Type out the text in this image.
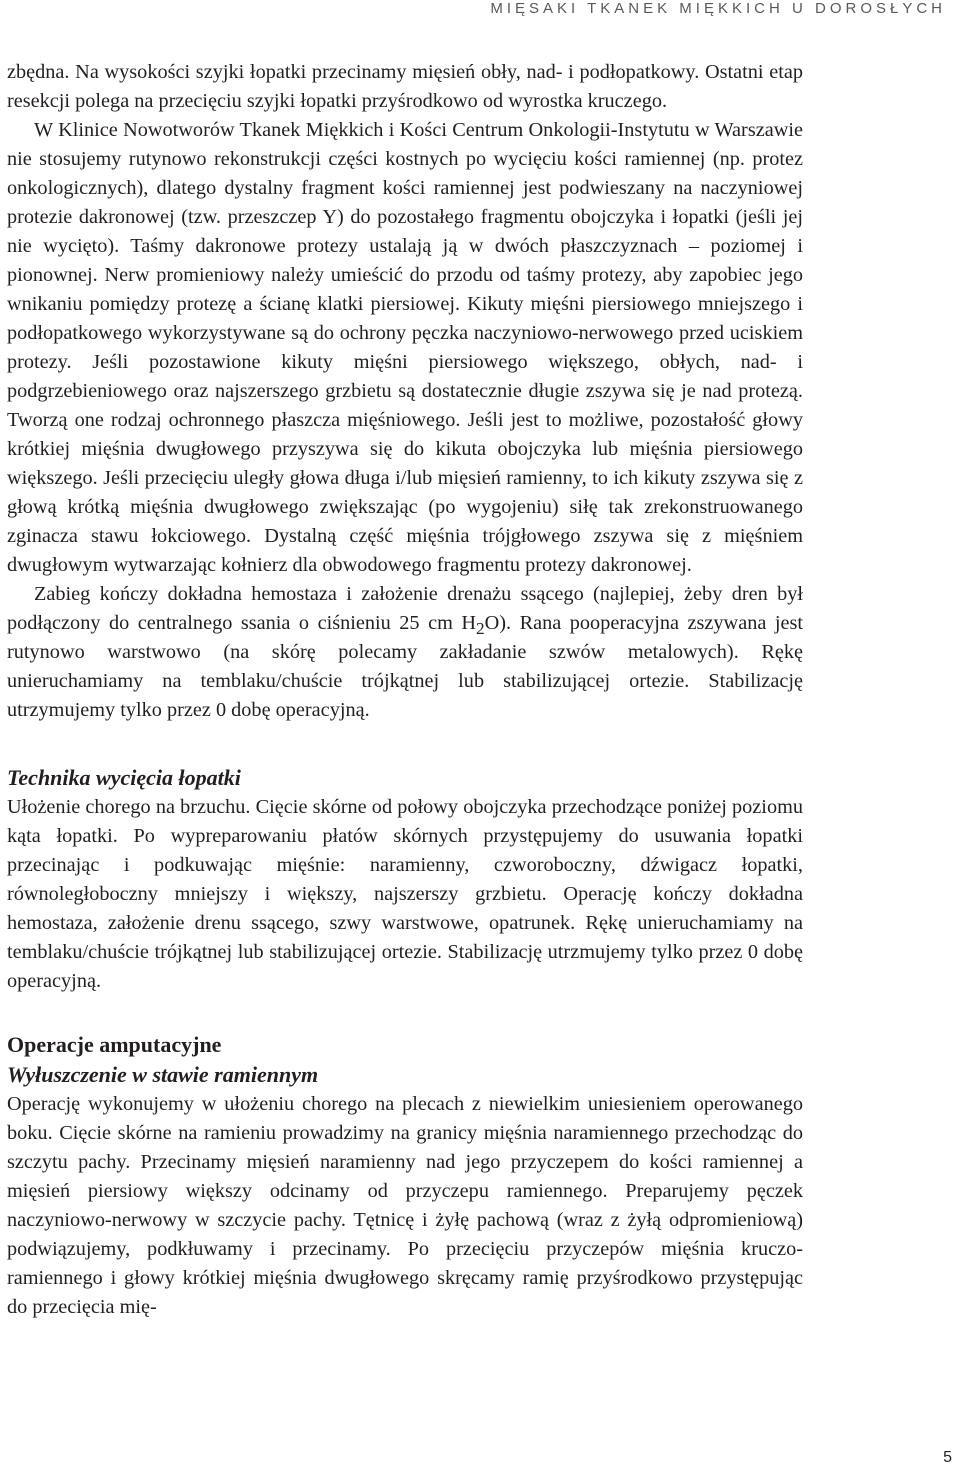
MIĘSAKI TKANEK MIĘKKICH U DOROSŁYCH

zbędna. Na wysokości szyjki łopatki przecinamy mięsień obły, nad- i podłopatkowy. Ostatni etap resekcji polega na przecięciu szyjki łopatki przyśrodkowo od wyrostka kruczego.

W Klinice Nowotworów Tkanek Miękkich i Kości Centrum Onkologii-Instytutu w Warszawie nie stosujemy rutynowo rekonstrukcji części kostnych po wycięciu kości ramiennej (np. protez onkologicznych), dlatego dystalny fragment kości ramiennej jest podwieszany na naczyniowej protezie dakronowej (tzw. przeszczep Y) do pozostałego fragmentu obojczyka i łopatki (jeśli jej nie wycięto). Taśmy dakronowe protezy ustalają ją w dwóch płaszczyznach – poziomej i pionownej. Nerw promieniowy należy umieścić do przodu od taśmy protezy, aby zapobiec jego wnikaniu pomiędzy protezę a ścianę klatki piersiowej. Kikuty mięśni piersiowego mniejszego i podłopatkowego wykorzystywane są do ochrony pęczka naczyniowo-nerwowego przed uciskiem protezy. Jeśli pozostawione kikuty mięśni piersiowego większego, obłych, nad- i podgrzebieniowego oraz najszerszego grzbietu są dostatecznie długie zszywa się je nad protezą. Tworzą one rodzaj ochronnego płaszcza mięśniowego. Jeśli jest to możliwe, pozostałość głowy krótkiej mięśnia dwugłowego przyszywa się do kikuta obojczyka lub mięśnia piersiowego większego. Jeśli przecięciu uległy głowa długa i/lub mięsień ramienny, to ich kikuty zszywa się z głową krótką mięśnia dwugłowego zwiększając (po wygojeniu) siłę tak zrekonstruowanego zginacza stawu łokciowego. Dystalną część mięśnia trójgłowego zszywa się z mięśniem dwugłowym wytwarzając kołnierz dla obwodowego fragmentu protezy dakronowej.

Zabieg kończy dokładna hemostaza i założenie drenażu ssącego (najlepiej, żeby dren był podłączony do centralnego ssania o ciśnieniu 25 cm $H_2O$). Rana pooperacyjna zszywana jest rutynowo warstwowo (na skórę polecamy zakładanie szwów metalowych). Rękę unieruchamiamy na temblaku/chuście trójkątnej lub stabilizującej ortezie. Stabilizację utrzymujemy tylko przez 0 dobę operacyjną.

Technika wycięcia łopatki

Ułożenie chorego na brzuchu. Cięcie skórne od połowy obojczyka przechodzące poniżej poziomu kąta łopatki. Po wypreparowaniu płatów skórnych przystępujemy do usuwania łopatki przecinając i podkuwając mięśnie: naramienny, czworoboczny, dźwigacz łopatki, równoległoboczny mniejszy i większy, najszerszy grzbietu. Operację kończy dokładna hemostaza, założenie drenu ssącego, szwy warstwowe, opatrunek. Rękę unieruchamiamy na temblaku/chuście trójkątnej lub stabilizującej ortezie. Stabilizację utrzmujemy tylko przez 0 dobę operacyjną.

Operacje amputacyjne
Wyłuszczenie w stawie ramiennym

Operację wykonujemy w ułożeniu chorego na plecach z niewielkim uniesieniem operowanego boku. Cięcie skórne na ramieniu prowadzimy na granicy mięśnia naramiennego przechodząc do szczytu pachy. Przecinamy mięsień naramienny nad jego przyczepem do kości ramiennej a mięsień piersiowy większy odcinamy od przyczepu ramiennego. Preparujemy pęczek naczyniowo-nerwowy w szczycie pachy. Tętnicę i żyłę pachową (wraz z żyłą odpromieniową) podwiązujemy, podkłuwamy i przecinamy. Po przecięciu przyczepów mięśnia kruczo-ramiennego i głowy krótkiej mięśnia dwugłowego skręcamy ramię przyśrodkowo przystępując do przecięcia mię-

5
